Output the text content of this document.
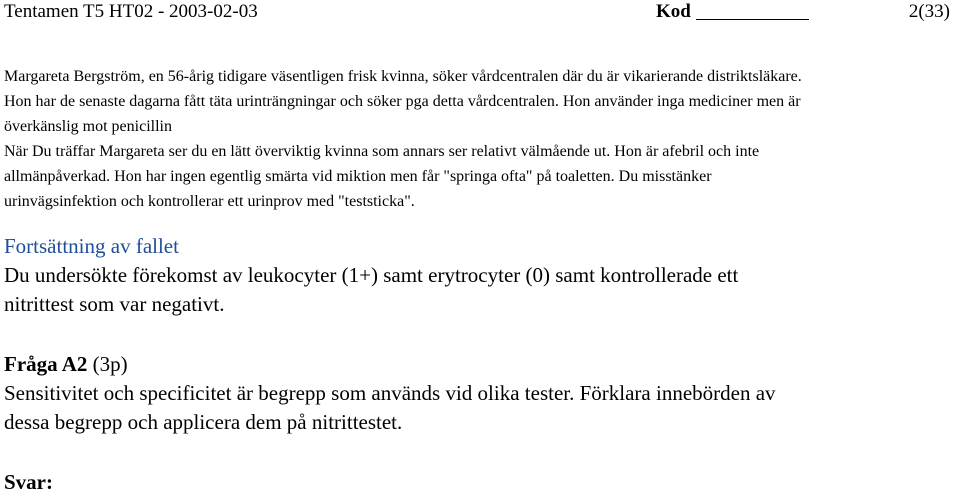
Tentamen T5 HT02 - 2003-02-03	Kod	2(33)

Margareta Bergström, en 56-årig tidigare väsentligen frisk kvinna, söker vårdcentralen där du är vikarierande distriktsläkare.

Hon har de senaste dagarna fått täta urinträngningar och söker pga detta vårdcentralen. Hon använder inga mediciner men är

överkänslig mot penicillin

När Du träffar Margareta ser du en lätt överviktig kvinna som annars ser relativt välmående ut. Hon är afebril och inte

allmänpåverkad. Hon har ingen egentlig smärta vid miktion men får "springa ofta" på toaletten. Du misstänker

urinvägsinfektion och kontrollerar ett urinprov med "teststicka".

Fortsättning av fallet

Du undersökte förekomst av leukocyter (1+) samt erytrocyter (0) samt kontrollerade ett

nitrittest som var negativt.

Fråga A2 (3p)

Sensitivitet och specificitet är begrepp som används vid olika tester. Förklara innebörden av

dessa begrepp och applicera dem på nitrittestet.

Svar:
